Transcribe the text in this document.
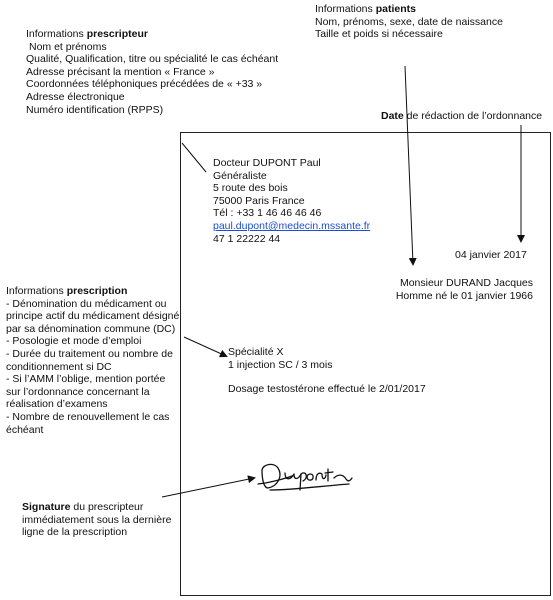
Informations prescripteur
Nom et prénoms
Qualité, Qualification, titre ou spécialité le cas échéant
Adresse précisant la mention « France »
Coordonnées téléphoniques précédées de « +33 »
Adresse électronique
Numéro identification (RPPS)
Informations patients
Nom, prénoms, sexe, date de naissance
Taille et poids si nécessaire
Date de rédaction de l’ordonnance
Informations prescription
- Dénomination du médicament ou principe actif du médicament désigné par sa dénomination commune (DC)
- Posologie et mode d’emploi
- Durée du traitement ou nombre de conditionnement si DC
- Si l’AMM l’oblige, mention portée sur l’ordonnance concernant la réalisation d’examens
- Nombre de renouvellement le cas échéant
Signature du prescripteur immédiatement sous la dernière ligne de la prescription
Docteur DUPONT Paul
Généraliste
5 route des bois
75000 Paris France
Tél : +33 1 46 46 46 46
paul.dupont@medecin.mssante.fr
47 1 22222 44
04 janvier 2017
Monsieur DURAND Jacques
Homme né le 01 janvier 1966
Spécialité X
1 injection SC / 3 mois
Dosage testostérone effectué le 2/01/2017
